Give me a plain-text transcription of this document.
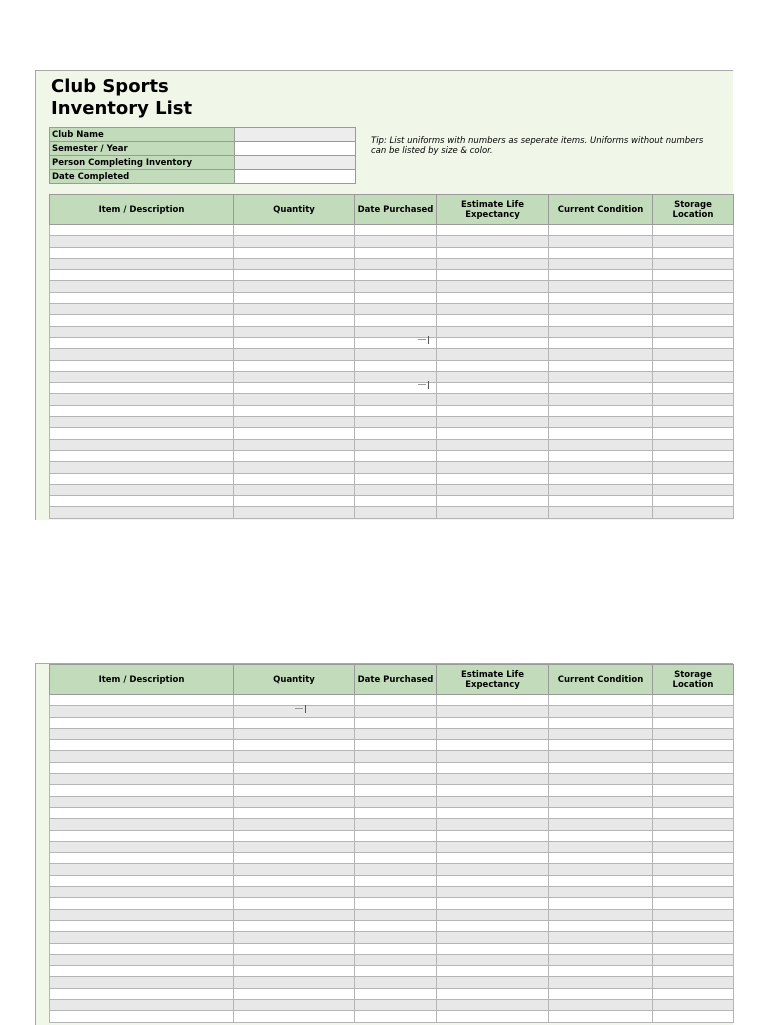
Club Sports
Inventory List
Club Name	
Semester / Year	
Person Completing Inventory	
Date Completed	
Tip: List uniforms with numbers as seperate items. Uniforms without numbers can be listed by size & color.
Item / Description	Quantity	Date Purchased	Estimate Life Expectancy	Current Condition	Storage Location

Item / Description	Quantity	Date Purchased	Estimate Life Expectancy	Current Condition	Storage Location
